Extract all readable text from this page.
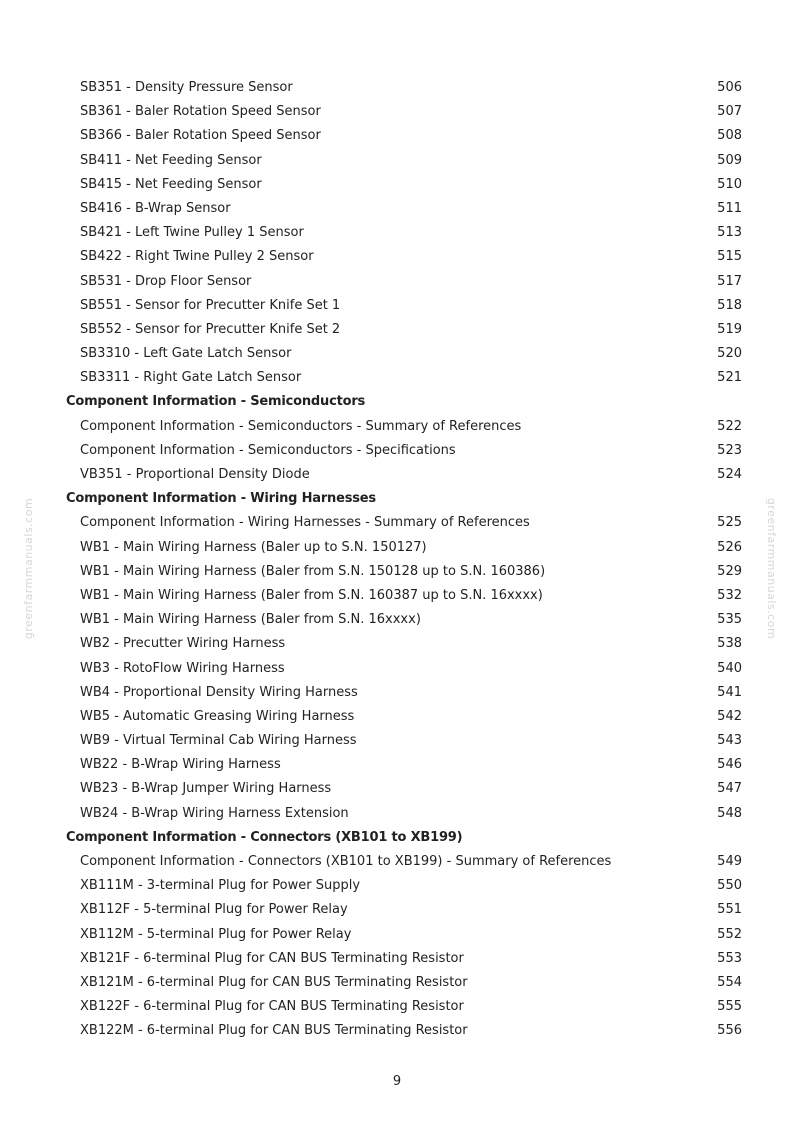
greenfarmmanuals.com	greenfarmmanuals.com
SB351 - Density Pressure Sensor	506
SB361 - Baler Rotation Speed Sensor	507
SB366 - Baler Rotation Speed Sensor	508
SB411 - Net Feeding Sensor	509
SB415 - Net Feeding Sensor	510
SB416 - B-Wrap Sensor	511
SB421 - Left Twine Pulley 1 Sensor	513
SB422 - Right Twine Pulley 2 Sensor	515
SB531 - Drop Floor Sensor	517
SB551 - Sensor for Precutter Knife Set 1	518
SB552 - Sensor for Precutter Knife Set 2	519
SB3310 - Left Gate Latch Sensor	520
SB3311 - Right Gate Latch Sensor	521
Component Information - Semiconductors
Component Information - Semiconductors - Summary of References	522
Component Information - Semiconductors - Specifications	523
VB351 - Proportional Density Diode	524
Component Information - Wiring Harnesses
Component Information - Wiring Harnesses - Summary of References	525
WB1 - Main Wiring Harness (Baler up to S.N. 150127)	526
WB1 - Main Wiring Harness (Baler from S.N. 150128 up to S.N. 160386)	529
WB1 - Main Wiring Harness (Baler from S.N. 160387 up to S.N. 16xxxx)	532
WB1 - Main Wiring Harness (Baler from S.N. 16xxxx)	535
WB2 - Precutter Wiring Harness	538
WB3 - RotoFlow Wiring Harness	540
WB4 - Proportional Density Wiring Harness	541
WB5 - Automatic Greasing Wiring Harness	542
WB9 - Virtual Terminal Cab Wiring Harness	543
WB22 - B-Wrap Wiring Harness	546
WB23 - B-Wrap Jumper Wiring Harness	547
WB24 - B-Wrap Wiring Harness Extension	548
Component Information - Connectors (XB101 to XB199)
Component Information - Connectors (XB101 to XB199) - Summary of References	549
XB111M - 3-terminal Plug for Power Supply	550
XB112F - 5-terminal Plug for Power Relay	551
XB112M - 5-terminal Plug for Power Relay	552
XB121F - 6-terminal Plug for CAN BUS Terminating Resistor	553
XB121M - 6-terminal Plug for CAN BUS Terminating Resistor	554
XB122F - 6-terminal Plug for CAN BUS Terminating Resistor	555
XB122M - 6-terminal Plug for CAN BUS Terminating Resistor	556
9
